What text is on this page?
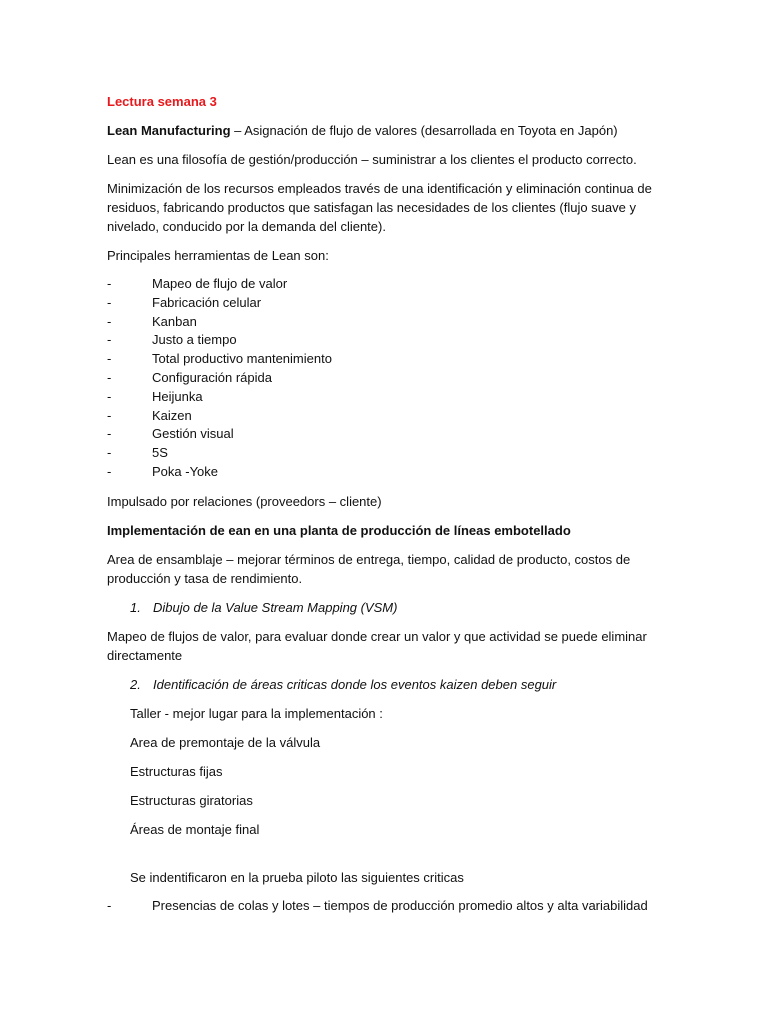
Lectura semana 3

Lean Manufacturing – Asignación de flujo de valores (desarrollada en Toyota en Japón)

Lean es una filosofía de gestión/producción – suministrar a los clientes el producto correcto.

Minimización de los recursos empleados través de una identificación y eliminación continua de residuos, fabricando productos que satisfagan las necesidades de los clientes (flujo suave y nivelado, conducido por la demanda del cliente).

Principales herramientas de Lean son:

-	Mapeo de flujo de valor
-	Fabricación celular
-	Kanban
-	Justo a tiempo
-	Total productivo mantenimiento
-	Configuración rápida
-	Heijunka
-	Kaizen
-	Gestión visual
-	5S
-	Poka -Yoke

Impulsado por relaciones (proveedors – cliente)

Implementación de ean en una planta de producción de líneas embotellado

Area de ensamblaje – mejorar términos de entrega, tiempo, calidad de producto, costos de producción y tasa de rendimiento.

1. Dibujo de la Value Stream Mapping (VSM)

Mapeo de flujos de valor, para evaluar donde crear un valor y que actividad se puede eliminar directamente

2. Identificación de áreas criticas donde los eventos kaizen deben seguir

Taller - mejor lugar para la implementación :

Area de premontaje de la válvula

Estructuras fijas

Estructuras giratorias

Áreas de montaje final

Se indentificaron en la prueba piloto las siguientes criticas

-	Presencias de colas y lotes – tiempos de producción promedio altos y alta variabilidad
